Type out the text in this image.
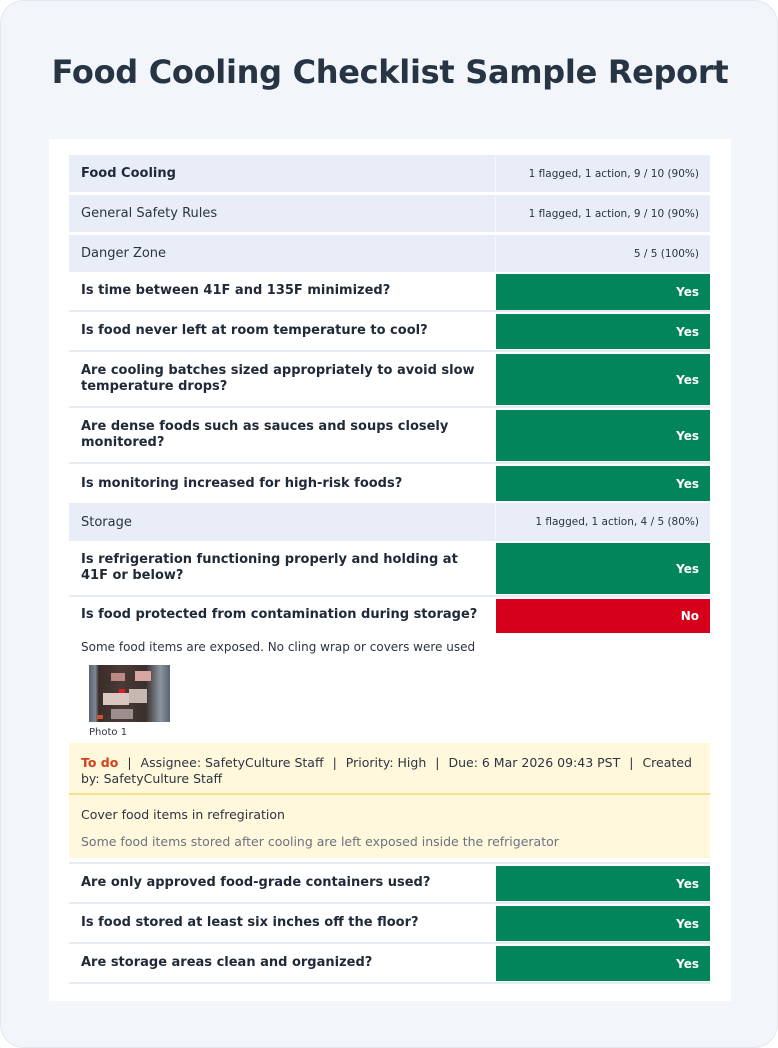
Food Cooling Checklist Sample Report
Food Cooling	1 flagged, 1 action, 9 / 10 (90%)
General Safety Rules	1 flagged, 1 action, 9 / 10 (90%)
Danger Zone	5 / 5 (100%)
Is time between 41F and 135F minimized?	Yes
Is food never left at room temperature to cool?	Yes
Are cooling batches sized appropriately to avoid slow temperature drops?	Yes
Are dense foods such as sauces and soups closely monitored?	Yes
Is monitoring increased for high-risk foods?	Yes
Storage	1 flagged, 1 action, 4 / 5 (80%)
Is refrigeration functioning properly and holding at 41F or below?	Yes
Is food protected from contamination during storage?	No
Some food items are exposed. No cling wrap or covers were used
Photo 1
To do | Assignee: SafetyCulture Staff | Priority: High | Due: 6 Mar 2026 09:43 PST | Created by: SafetyCulture Staff
Cover food items in refregiration
Some food items stored after cooling are left exposed inside the refrigerator
Are only approved food-grade containers used?	Yes
Is food stored at least six inches off the floor?	Yes
Are storage areas clean and organized?	Yes
